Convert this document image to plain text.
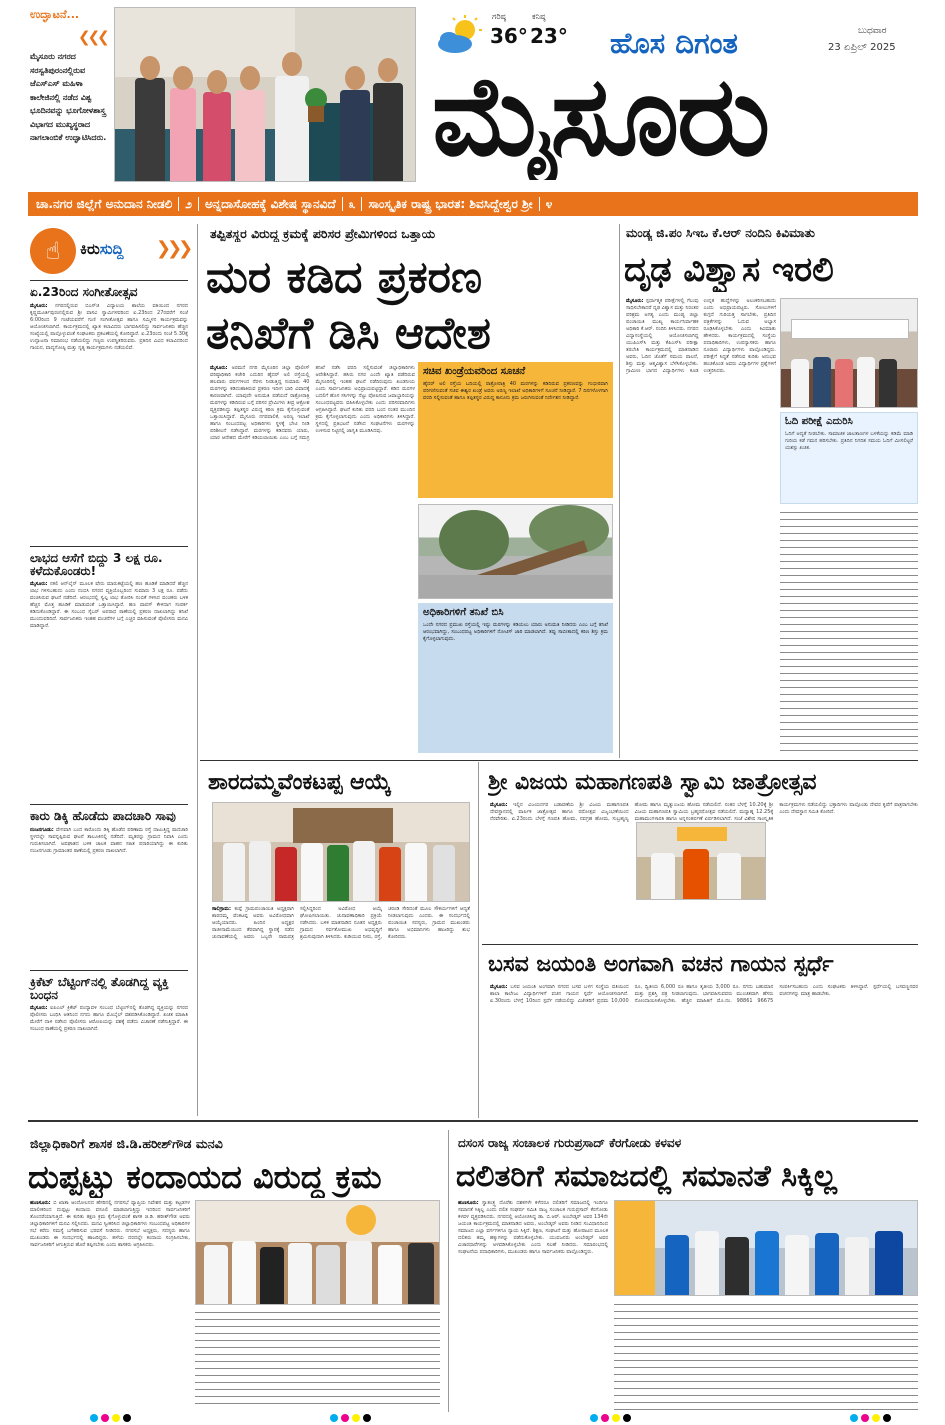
ಉದ್ಘಾಟನೆ...
❮❮❮
ಮೈಸೂರು ನಗರದ ಸರಸ್ವತಿಪುರಂನಲ್ಲಿರುವ ಜೆಎಸ್‌ಎಸ್ ಮಹಿಳಾ ಕಾಲೇಜಿನಲ್ಲಿ ನಡೆದ ವಿಶ್ವ ಭೂದಿನವನ್ನು ಭೂಗೋಳಶಾಸ್ತ್ರ ವಿಭಾಗದ ಮುಖ್ಯಸ್ಥರಾದ ನಾಗಲಾಂಬಿಕೆ ಉದ್ಘಾಟಿಸಿದರು.
ಗರಿಷ್ಠ
36°
ಕನಿಷ್ಠ
23° ಹೊಸ ದಿಗಂತ	ಬುಧವಾರ
23 ಏಪ್ರಿಲ್ 2025
ಮೈಸೂರು
ಚಾ.ನಗರ ಜಿಲ್ಲೆಗೆ ಅನುದಾನ ನೀಡಲಿ ೨ ಅನ್ನದಾಸೋಹಕ್ಕೆ ವಿಶೇಷ ಸ್ಥಾನವಿದೆ ೩ ಸಾಂಸ್ಕೃತಿಕ ರಾಷ್ಟ್ರ ಭಾರತ: ಶಿವಸಿದ್ದೇಶ್ವರ ಶ್ರೀ ೪
☝	ಕಿರುಸುದ್ದಿ ❯❯❯
ಏ.23ರಿಂದ ಸಂಗೀತೋತ್ಸವ
ಮೈಸೂರು: ನಗರದಲ್ಲಿರುವ ಬಿಎಸ್‌ಜಿ ವಿದ್ಯಾಲಯ ಶಾಲೆಯ ವತಿಯಿಂದ ನಗರದ ಕೃಷ್ಣಮೂರ್ತಿಪುರಂನಲ್ಲಿರುವ ಶ್ರೀ ವಾಸವಿ ಸ್ವಾಮಿಗಳವರಿಂದ ಏ.23ರಿಂದ 27ರವರೆಗೆ ಸಂಜೆ 6:00ರಿಂದ 9 ಗಂಟೆಯವರೆಗೆ ಗುಣಿ ಸಂಗೀತೋತ್ಸವ ಹಾಗೂ ಸಮ್ಮಿಳನ ಕಾರ್ಯಕ್ರಮವನ್ನು ಆಯೋಜಿಸಲಾಗಿದೆ. ಕಾರ್ಯಕ್ರಮದಲ್ಲಿ ಖ್ಯಾತ ಕಲಾವಿದರು ಭಾಗವಹಿಸಲಿದ್ದು ಸಾರ್ವಜನಿಕರು ಹೆಚ್ಚಿನ ಸಂಖ್ಯೆಯಲ್ಲಿ ಪಾಲ್ಗೊಳ್ಳುವಂತೆ ಸಂಘಟಕರು ಪ್ರಕಟಣೆಯಲ್ಲಿ ಕೋರಿದ್ದಾರೆ. ಏ.23ರಂದು ಸಂಜೆ 5.30ಕ್ಕೆ ಉದ್ಘಾಟನಾ ಸಮಾರಂಭ ನಡೆಯಲಿದ್ದು ಗಣ್ಯರು ಉಪಸ್ಥಿತರಿರುವರು. ಪ್ರತಿದಿನ ವಿವಿಧ ಕಲಾವಿದರಿಂದ ಗಾಯನ, ವಾದ್ಯಗೋಷ್ಠಿ ಮತ್ತು ನೃತ್ಯ ಕಾರ್ಯಕ್ರಮಗಳು ನಡೆಯಲಿವೆ.
ಲಾಭದ ಆಸೆಗೆ ಬಿದ್ದು 3 ಲಕ್ಷ ರೂ. ಕಳೆದುಕೊಂಡರು!
ಮೈಸೂರು: ನಕಲಿ ಆನ್‌ಲೈನ್ ಮೂಲಕ ಷೇರು ಮಾರುಕಟ್ಟೆಯಲ್ಲಿ ಹಣ ಹೂಡಿಕೆ ಮಾಡಿದರೆ ಹೆಚ್ಚಿನ ಲಾಭ ಗಳಿಸಬಹುದು ಎಂದು ನಂಬಿಸಿ ನಗರದ ವ್ಯಕ್ತಿಯೊಬ್ಬರಿಂದ ಸುಮಾರು 3 ಲಕ್ಷ ರೂ. ಪಡೆದು ವಂಚಿಸಿರುವ ಘಟನೆ ನಡೆದಿದೆ. ಆರಂಭದಲ್ಲಿ ಸ್ವಲ್ಪ ಲಾಭ ತೋರಿಸಿ ನಂಬಿಕೆ ಗಳಿಸಿದ ವಂಚಕರು ಬಳಿಕ ಹೆಚ್ಚಿನ ಮೊತ್ತ ಹೂಡಿಕೆ ಮಾಡುವಂತೆ ಒತ್ತಾಯಿಸಿದ್ದಾರೆ. ಹಣ ವಾಪಸ್ ಕೇಳಿದಾಗ ಸಂಪರ್ಕ ಕಡಿದುಕೊಂಡಿದ್ದಾರೆ. ಈ ಸಂಬಂಧ ಸೈಬರ್ ಅಪರಾಧ ಠಾಣೆಯಲ್ಲಿ ಪ್ರಕರಣ ದಾಖಲಾಗಿದ್ದು ತನಿಖೆ ಮುಂದುವರಿದಿದೆ. ಸಾರ್ವಜನಿಕರು ಇಂತಹ ವಂಚನೆಗಳ ಬಗ್ಗೆ ಎಚ್ಚರ ವಹಿಸುವಂತೆ ಪೊಲೀಸರು ಮನವಿ ಮಾಡಿದ್ದಾರೆ.
ಕಾರು ಡಿಕ್ಕಿ ಹೊಡೆದು ಪಾದಚಾರಿ ಸಾವು
ನಂಜನಗೂಡು: ವೇಗವಾಗಿ ಬಂದ ಕಾರೊಂದು ಡಿಕ್ಕಿ ಹೊಡೆದ ಪರಿಣಾಮ ರಸ್ತೆ ದಾಟುತ್ತಿದ್ದ ಪಾದಚಾರಿ ಸ್ಥಳದಲ್ಲೇ ಸಾವನ್ನಪ್ಪಿರುವ ಘಟನೆ ತಾಲೂಕಿನಲ್ಲಿ ನಡೆದಿದೆ. ಮೃತರನ್ನು ಗ್ರಾಮದ ನಿವಾಸಿ ಎಂದು ಗುರುತಿಸಲಾಗಿದೆ. ಅಪಘಾತದ ಬಳಿಕ ಚಾಲಕ ವಾಹನ ಸಹಿತ ಪರಾರಿಯಾಗಿದ್ದು ಈ ಕುರಿತು ನಂಜನಗೂಡು ಗ್ರಾಮಾಂತರ ಠಾಣೆಯಲ್ಲಿ ಪ್ರಕರಣ ದಾಖಲಾಗಿದೆ.
ಕ್ರಿಕೆಟ್ ಬೆಟ್ಟಿಂಗ್‌ನಲ್ಲಿ ತೊಡಗಿದ್ದ ವ್ಯಕ್ತಿ ಬಂಧನ
ಮೈಸೂರು: ಐಪಿಎಲ್ ಕ್ರಿಕೆಟ್ ಪಂದ್ಯಾವಳಿ ಸಂಬಂಧ ಬೆಟ್ಟಿಂಗ್‌ನಲ್ಲಿ ತೊಡಗಿದ್ದ ವ್ಯಕ್ತಿಯನ್ನು ನಗರದ ಪೊಲೀಸರು ಬಂಧಿಸಿ ಆತನಿಂದ ನಗದು ಹಾಗೂ ಮೊಬೈಲ್ ವಶಪಡಿಸಿಕೊಂಡಿದ್ದಾರೆ. ಖಚಿತ ಮಾಹಿತಿ ಮೇರೆಗೆ ದಾಳಿ ನಡೆಸಿದ ಪೊಲೀಸರು ಆರೋಪಿಯನ್ನು ವಶಕ್ಕೆ ಪಡೆದು ವಿಚಾರಣೆ ನಡೆಸುತ್ತಿದ್ದಾರೆ. ಈ ಸಂಬಂಧ ಠಾಣೆಯಲ್ಲಿ ಪ್ರಕರಣ ದಾಖಲಾಗಿದೆ.
ತಪ್ಪಿತಸ್ಥರ ವಿರುದ್ಧ ಕ್ರಮಕ್ಕೆ ಪರಿಸರ ಪ್ರೇಮಿಗಳಿಂದ ಒತ್ತಾಯ
ಮರ ಕಡಿದ ಪ್ರಕರಣ
ತನಿಖೆಗೆ ಡಿಸಿ ಆದೇಶ
ಮೈಸೂರು: ಅರಮನೆ ನಗರಿ ಮೈಸೂರಿನ ಜಿಲ್ಲಾ ಪೊಲೀಸ್ ವರಿಷ್ಠಾಧಿಕಾರಿ ಕಚೇರಿ ಎದುರಿನ ಹೈದರ್ ಅಲಿ ರಸ್ತೆಯಲ್ಲಿ ಹಲವಾರು ವರ್ಷಗಳಿಂದ ನೆರಳು ನೀಡುತ್ತಿದ್ದ ಸುಮಾರು 40 ಮರಗಳನ್ನು ಕಡಿದುಹಾಕಿರುವ ಪ್ರಕರಣ ಇದೀಗ ಭಾರಿ ವಿವಾದಕ್ಕೆ ಕಾರಣವಾಗಿದೆ. ಯಾವುದೇ ಅನುಮತಿ ಪಡೆಯದೆ ರಾತ್ರೋರಾತ್ರಿ ಮರಗಳನ್ನು ಕಡಿದಿರುವ ಬಗ್ಗೆ ಪರಿಸರ ಪ್ರೇಮಿಗಳು ತೀವ್ರ ಆಕ್ರೋಶ ವ್ಯಕ್ತಪಡಿಸಿದ್ದು ತಪ್ಪಿತಸ್ಥರ ವಿರುದ್ಧ ಕಠಿಣ ಕ್ರಮ ಕೈಗೊಳ್ಳುವಂತೆ ಒತ್ತಾಯಿಸಿದ್ದಾರೆ. ಮೈಸೂರು ನಗರಪಾಲಿಕೆ, ಅರಣ್ಯ ಇಲಾಖೆ ಹಾಗೂ ಸಂಬಂಧಪಟ್ಟ ಅಧಿಕಾರಿಗಳು ಸ್ಥಳಕ್ಕೆ ಭೇಟಿ ನೀಡಿ ಪರಿಶೀಲನೆ ನಡೆಸಿದ್ದಾರೆ. ಮರಗಳನ್ನು ಕಡಿದವರು ಯಾರು, ಯಾರ ಆದೇಶದ ಮೇರೆಗೆ ಕಡಿಯಲಾಯಿತು ಎಂಬ ಬಗ್ಗೆ ಸಮಗ್ರ ತನಿಖೆ ನಡೆಸಿ ವರದಿ ಸಲ್ಲಿಸುವಂತೆ ಜಿಲ್ಲಾಧಿಕಾರಿಗಳು ಆದೇಶಿಸಿದ್ದಾರೆ. ಹಸಿರು ನಗರ ಎಂದೇ ಖ್ಯಾತಿ ಪಡೆದಿರುವ ಮೈಸೂರಿನಲ್ಲಿ ಇಂತಹ ಘಟನೆ ನಡೆದಿರುವುದು ಖಂಡನೀಯ ಎಂದು ಸಾರ್ವಜನಿಕರು ಅಭಿಪ್ರಾಯಪಟ್ಟಿದ್ದಾರೆ. ಕಡಿದ ಮರಗಳ ಬದಲಿಗೆ ಹೊಸ ಸಸಿಗಳನ್ನು ನೆಟ್ಟು ಪೋಷಿಸುವ ಜವಾಬ್ದಾರಿಯನ್ನು ಸಂಬಂಧಪಟ್ಟವರು ವಹಿಸಿಕೊಳ್ಳಬೇಕು ಎಂದು ಪರಿಸರವಾದಿಗಳು ಆಗ್ರಹಿಸಿದ್ದಾರೆ. ಘಟನೆ ಕುರಿತು ವರದಿ ಬಂದ ನಂತರ ಮುಂದಿನ ಕ್ರಮ ಕೈಗೊಳ್ಳಲಾಗುವುದು ಎಂದು ಅಧಿಕಾರಿಗಳು ತಿಳಿಸಿದ್ದಾರೆ. ಸ್ಥಳದಲ್ಲಿ ಪ್ರತಿಭಟನೆ ನಡೆಸಿದ ಸಂಘಟನೆಗಳು ಮರಗಳನ್ನು ಉಳಿಸುವ ನಿಟ್ಟಿನಲ್ಲಿ ಜಾಗೃತಿ ಮೂಡಿಸಿದವು.
ಸಚಿವ ಖಂಡ್ರೆಯವರಿಂದ ಸೂಚನೆ
ಹೈದರ್ ಅಲಿ ರಸ್ತೆಯ ಬದಿಯಲ್ಲಿ ರಾತ್ರೋರಾತ್ರಿ 40 ಮರಗಳನ್ನು ಕಡಿದಿರುವ ಪ್ರಕರಣವನ್ನು ಗಂಭೀರವಾಗಿ ಪರಿಗಣಿಸುವಂತೆ ಸಚಿವ ಈಶ್ವರ ಖಂಡ್ರೆ ಅವರು ಅರಣ್ಯ ಇಲಾಖೆ ಅಧಿಕಾರಿಗಳಿಗೆ ಸೂಚನೆ ನೀಡಿದ್ದಾರೆ. 7 ದಿನಗಳೊಳಗಾಗಿ ವರದಿ ಸಲ್ಲಿಸುವಂತೆ ಹಾಗೂ ತಪ್ಪಿತಸ್ಥರ ವಿರುದ್ಧ ಕಾನೂನು ಕ್ರಮ ಜರುಗಿಸುವಂತೆ ನಿರ್ದೇಶನ ನೀಡಿದ್ದಾರೆ.
ಅಧಿಕಾರಿಗಳಿಗೆ ತನಿಖೆ ಬಿಸಿ
ಒಂದೇ ನಗರದ ಪ್ರಮುಖ ರಸ್ತೆಯಲ್ಲಿ ಇಷ್ಟು ಮರಗಳನ್ನು ಕಡಿಯಲು ಯಾರು ಅನುಮತಿ ನೀಡಿದರು ಎಂಬ ಬಗ್ಗೆ ತನಿಖೆ ಆರಂಭವಾಗಿದ್ದು, ಸಂಬಂಧಪಟ್ಟ ಅಧಿಕಾರಿಗಳಿಗೆ ನೋಟಿಸ್ ಜಾರಿ ಮಾಡಲಾಗಿದೆ. ತಪ್ಪು ಸಾಬೀತಾದಲ್ಲಿ ಕಠಿಣ ಶಿಸ್ತು ಕ್ರಮ ಕೈಗೊಳ್ಳಲಾಗುವುದು.
ಮಂಡ್ಯ ಜಿ.ಪಂ ಸಿಇಒ ಕೆ.ಆರ್ ನಂದಿನಿ ಕಿವಿಮಾತು
ದೃಢ ವಿಶ್ವಾಸ ಇರಲಿ
ಮೈಸೂರು: ಸ್ಪರ್ಧಾತ್ಮಕ ಪರೀಕ್ಷೆಗಳಲ್ಲಿ ಗೆಲುವು ಸಾಧಿಸಬೇಕಾದರೆ ದೃಢ ವಿಶ್ವಾಸ ಮತ್ತು ನಿರಂತರ ಪರಿಶ್ರಮ ಅಗತ್ಯ ಎಂದು ಮಂಡ್ಯ ಜಿಲ್ಲಾ ಪಂಚಾಯಿತಿ ಮುಖ್ಯ ಕಾರ್ಯನಿರ್ವಾಹಕ ಅಧಿಕಾರಿ ಕೆ.ಆರ್. ನಂದಿನಿ ತಿಳಿಸಿದರು. ನಗರದ ವಿದ್ಯಾಸಂಸ್ಥೆಯಲ್ಲಿ ಆಯೋಜಿಸಲಾಗಿದ್ದ ಯುಪಿಎಸ್‌ಸಿ ಮತ್ತು ಕೆಪಿಎಸ್‌ಸಿ ಪರೀಕ್ಷಾ ತರಬೇತಿ ಕಾರ್ಯಕ್ರಮದಲ್ಲಿ ಮಾತನಾಡಿದ ಅವರು, ಓದಿನ ಜೊತೆಗೆ ಸಮಯ ಪಾಲನೆ, ಶಿಸ್ತು ಮತ್ತು ಆತ್ಮವಿಶ್ವಾಸ ಬೆಳೆಸಿಕೊಳ್ಳಬೇಕು. ಗ್ರಾಮೀಣ ಭಾಗದ ವಿದ್ಯಾರ್ಥಿಗಳು ಕೂಡ ಉನ್ನತ ಹುದ್ದೆಗಳನ್ನು ಅಲಂಕರಿಸಬಹುದು ಎಂದು ಅಭಿಪ್ರಾಯಪಟ್ಟರು. ಸೋಲುಗಳಿಗೆ ಕುಗ್ಗದೆ ಗುರಿಯತ್ತ ಸಾಗಬೇಕು, ಪ್ರತಿದಿನ ಪತ್ರಿಕೆಗಳನ್ನು ಓದುವ ಅಭ್ಯಾಸ ರೂಢಿಸಿಕೊಳ್ಳಬೇಕು ಎಂದು ಕಿವಿಮಾತು ಹೇಳಿದರು. ಕಾರ್ಯಕ್ರಮದಲ್ಲಿ ಸಂಸ್ಥೆಯ ಪದಾಧಿಕಾರಿಗಳು, ಉಪನ್ಯಾಸಕರು ಹಾಗೂ ನೂರಾರು ವಿದ್ಯಾರ್ಥಿಗಳು ಪಾಲ್ಗೊಂಡಿದ್ದರು. ಪರೀಕ್ಷೆಗೆ ಸಿದ್ಧತೆ ನಡೆಸುವ ಕುರಿತು ಅನುಭವ ಹಂಚಿಕೊಂಡ ಅವರು ವಿದ್ಯಾರ್ಥಿಗಳ ಪ್ರಶ್ನೆಗಳಿಗೆ ಉತ್ತರಿಸಿದರು.
ಓದಿ ಪರೀಕ್ಷೆ ಎದುರಿಸಿ
ಓದಿಗೆ ಆದ್ಯತೆ ನೀಡಬೇಕು. ಸಾಮಾಜಿಕ ಜಾಲತಾಣಗಳ ಬಳಕೆಯನ್ನು ಕಡಿಮೆ ಮಾಡಿ ಗುರಿಯ ಕಡೆ ಗಮನ ಹರಿಸಬೇಕು. ಪ್ರತಿದಿನ ನಿಗದಿತ ಸಮಯ ಓದಿಗೆ ಮೀಸಲಿಟ್ಟರೆ ಯಶಸ್ಸು ಖಚಿತ.
ಶಾರದಮ್ಮವೆಂಕಟಪ್ಪ ಆಯ್ಕೆ
ಸಾಲಿಗ್ರಾಮ: ಕುಪ್ಪೆ ಗ್ರಾಮಪಂಚಾಯಿತಿ ಅಧ್ಯಕ್ಷರಾಗಿ ಶಾರದಮ್ಮ ವೆಂಕಟಪ್ಪ ಅವರು ಅವಿರೋಧವಾಗಿ ಆಯ್ಕೆಯಾದರು. ಹಿಂದಿನ ಅಧ್ಯಕ್ಷರ ರಾಜೀನಾಮೆಯಿಂದ ತೆರವಾಗಿದ್ದ ಸ್ಥಾನಕ್ಕೆ ನಡೆದ ಚುನಾವಣೆಯಲ್ಲಿ ಅವರು ಒಬ್ಬರೇ ನಾಮಪತ್ರ ಸಲ್ಲಿಸಿದ್ದರಿಂದ ಅವಿರೋಧ ಆಯ್ಕೆ ಘೋಷಿಸಲಾಯಿತು. ಚುನಾವಣಾಧಿಕಾರಿ ಪ್ರಕ್ರಿಯೆ ನಡೆಸಿದರು. ಬಳಿಕ ಮಾತನಾಡಿದ ನೂತನ ಅಧ್ಯಕ್ಷರು ಗ್ರಾಮದ ಸರ್ವತೋಮುಖ ಅಭಿವೃದ್ಧಿಗೆ ಶ್ರಮಿಸುವುದಾಗಿ ತಿಳಿಸಿದರು. ಕುಡಿಯುವ ನೀರು, ರಸ್ತೆ, ಚರಂಡಿ ಸೇರಿದಂತೆ ಮೂಲ ಸೌಕರ್ಯಗಳಿಗೆ ಆದ್ಯತೆ ನೀಡಲಾಗುವುದು ಎಂದರು. ಈ ಸಂದರ್ಭದಲ್ಲಿ ಪಂಚಾಯಿತಿ ಸದಸ್ಯರು, ಗ್ರಾಮದ ಮುಖಂಡರು ಹಾಗೂ ಅಭಿಮಾನಿಗಳು ಹಾಜರಿದ್ದು ಶುಭ ಕೋರಿದರು.
ಶ್ರೀ ವಿಜಯ ಮಹಾಗಣಪತಿ ಸ್ವಾಮಿ ಜಾತ್ರೋತ್ಸವ
ಮೈಸೂರು: ಇಲ್ಲಿನ ವಿಜಯನಗರ ಬಡಾವಣೆಯ ಶ್ರೀ ವಿಜಯ ಮಹಾಗಣಪತಿ ದೇವಸ್ಥಾನದಲ್ಲಿ ವಾರ್ಷಿಕ ಜಾತ್ರೋತ್ಸವ ಹಾಗೂ ರಥೋತ್ಸವ ವಿಜೃಂಭಣೆಯಿಂದ ನೆರವೇರಿತು. ಏ.23ರಂದು ಬೆಳಗ್ಗೆ ಗಣಪತಿ ಹೋಮ, ನವಗ್ರಹ ಹೋಮ, ಸುಬ್ರಹ್ಮಣ್ಯ ಹೋಮ ಹಾಗೂ ಮೃತ್ಯುಂಜಯ ಹೋಮ ನಡೆಯಲಿದೆ. ನಂತರ ಬೆಳಗ್ಗೆ 10.20ಕ್ಕೆ ಶ್ರೀ ವಿಜಯ ಮಹಾಗಣಪತಿ ಸ್ವಾಮಿಯ ಬ್ರಹ್ಮರಥೋತ್ಸವ ನಡೆಯಲಿದೆ. ಮಧ್ಯಾಹ್ನ 12.25ಕ್ಕೆ ಮಹಾಮಂಗಳಾರತಿ ಹಾಗೂ ಅನ್ನಸಂತರ್ಪಣೆ ಏರ್ಪಡಿಸಲಾಗಿದೆ. ಸಂಜೆ ವಿಶೇಷ ಸಾಂಸ್ಕೃತಿಕ ಕಾರ್ಯಕ್ರಮಗಳು ನಡೆಯಲಿದ್ದು ಭಕ್ತಾದಿಗಳು ಪಾಲ್ಗೊಂಡು ದೇವರ ಕೃಪೆಗೆ ಪಾತ್ರರಾಗಬೇಕು ಎಂದು ದೇವಸ್ಥಾನ ಸಮಿತಿ ಕೋರಿದೆ.
ಬಸವ ಜಯಂತಿ ಅಂಗವಾಗಿ ವಚನ ಗಾಯನ ಸ್ಪರ್ಧೆ
ಮೈಸೂರು: ಬಸವ ಜಯಂತಿ ಅಂಗವಾಗಿ ನಗರದ ಬಸವ ಬಳಗ ಸಂಸ್ಥೆಯ ವತಿಯಿಂದ ಶಾಲಾ ಕಾಲೇಜು ವಿದ್ಯಾರ್ಥಿಗಳಿಗೆ ವಚನ ಗಾಯನ ಸ್ಪರ್ಧೆ ಆಯೋಜಿಸಲಾಗಿದೆ. ಏ.30ರಂದು ಬೆಳಗ್ಗೆ 10ರಿಂದ ಸ್ಪರ್ಧೆ ನಡೆಯಲಿದ್ದು ವಿಜೇತರಿಗೆ ಪ್ರಥಮ 10,000 ರೂ, ದ್ವಿತೀಯ 6,000 ರೂ ಹಾಗೂ ತೃತೀಯ 3,000 ರೂ. ನಗದು ಬಹುಮಾನ ಮತ್ತು ಪ್ರಶಸ್ತಿ ಪತ್ರ ನೀಡಲಾಗುವುದು. ಭಾಗವಹಿಸುವವರು ಮುಂಚಿತವಾಗಿ ಹೆಸರು ನೋಂದಾಯಿಸಿಕೊಳ್ಳಬೇಕು. ಹೆಚ್ಚಿನ ಮಾಹಿತಿಗೆ ಮೊ.ನಂ. 98861 96675 ಸಂಪರ್ಕಿಸಬಹುದು ಎಂದು ಸಂಘಟಕರು ತಿಳಿಸಿದ್ದಾರೆ. ಸ್ಪರ್ಧೆಯಲ್ಲಿ ಬಸವಣ್ಣನವರ ವಚನಗಳನ್ನು ಮಾತ್ರ ಹಾಡಬೇಕು.
ಜಿಲ್ಲಾಧಿಕಾರಿಗೆ ಶಾಸಕ ಜಿ.ಡಿ.ಹರೀಶ್‌ಗೌಡ ಮನವಿ
ದುಪ್ಪಟ್ಟು ಕಂದಾಯದ ವಿರುದ್ದ ಕ್ರಮ
ಹುಣಸೂರು: ಬಿ ಖಾತಾ ಆಂದೋಲನದ ಹೆಸರಿನಲ್ಲಿ ನಗರಸಭೆ ವ್ಯಾಪ್ತಿಯ ನಿವೇಶನ ಮತ್ತು ಕಟ್ಟಡಗಳ ಮಾಲೀಕರಿಂದ ದುಪ್ಪಟ್ಟು ಕಂದಾಯ ವಸೂಲಿ ಮಾಡಲಾಗುತ್ತಿದ್ದು ಇದರಿಂದ ಸಾರ್ವಜನಿಕರಿಗೆ ತೊಂದರೆಯಾಗುತ್ತಿದೆ. ಈ ಕುರಿತು ತಕ್ಷಣ ಕ್ರಮ ಕೈಗೊಳ್ಳುವಂತೆ ಶಾಸಕ ಜಿ.ಡಿ. ಹರೀಶ್‌ಗೌಡ ಅವರು ಜಿಲ್ಲಾಧಿಕಾರಿಗಳಿಗೆ ಮನವಿ ಸಲ್ಲಿಸಿದರು. ಮನವಿ ಸ್ವೀಕರಿಸಿದ ಜಿಲ್ಲಾಧಿಕಾರಿಗಳು ಸಂಬಂಧಪಟ್ಟ ಅಧಿಕಾರಿಗಳ ಸಭೆ ಕರೆದು ಸಮಸ್ಯೆ ಬಗೆಹರಿಸುವ ಭರವಸೆ ನೀಡಿದರು. ನಗರಸಭೆ ಅಧ್ಯಕ್ಷರು, ಸದಸ್ಯರು ಹಾಗೂ ಮುಖಂಡರು ಈ ಸಂದರ್ಭದಲ್ಲಿ ಹಾಜರಿದ್ದರು. ಹಳೆಯ ದರದಲ್ಲೇ ಕಂದಾಯ ಸಂಗ್ರಹಿಸಬೇಕು, ಸಾರ್ವಜನಿಕರಿಗೆ ಆಗುತ್ತಿರುವ ಹೊರೆ ತಪ್ಪಿಸಬೇಕು ಎಂದು ಶಾಸಕರು ಆಗ್ರಹಿಸಿದರು.
ದಸಂಸ ರಾಜ್ಯ ಸಂಚಾಲಕ ಗುರುಪ್ರಸಾದ್ ಕೆರಗೋಡು ಕಳವಳ
ದಲಿತರಿಗೆ ಸಮಾಜದಲ್ಲಿ ಸಮಾನತೆ ಸಿಕ್ಕಿಲ್ಲ
ಹುಣಸೂರು: ಸ್ವಾತಂತ್ರ್ಯ ದೊರೆತು ದಶಕಗಳೇ ಕಳೆದರೂ ದಲಿತರಿಗೆ ಸಮಾಜದಲ್ಲಿ ಇಂದಿಗೂ ಸಮಾನತೆ ಸಿಕ್ಕಿಲ್ಲ ಎಂದು ದಲಿತ ಸಂಘರ್ಷ ಸಮಿತಿ ರಾಜ್ಯ ಸಂಚಾಲಕ ಗುರುಪ್ರಸಾದ್ ಕೆರಗೋಡು ಕಳವಳ ವ್ಯಕ್ತಪಡಿಸಿದರು. ನಗರದಲ್ಲಿ ಆಯೋಜಿಸಿದ್ದ ಡಾ. ಬಿ.ಆರ್. ಅಂಬೇಡ್ಕರ್ ಅವರ 134ನೇ ಜಯಂತಿ ಕಾರ್ಯಕ್ರಮದಲ್ಲಿ ಮಾತನಾಡಿದ ಅವರು, ಅಂಬೇಡ್ಕರ್ ಅವರು ನೀಡಿದ ಸಂವಿಧಾನದಿಂದ ಸಮಾಜದ ಎಲ್ಲಾ ವರ್ಗಗಳಿಗೂ ನ್ಯಾಯ ಸಿಕ್ಕಿದೆ. ಶಿಕ್ಷಣ, ಸಂಘಟನೆ ಮತ್ತು ಹೋರಾಟದ ಮೂಲಕ ದಲಿತರು ತಮ್ಮ ಹಕ್ಕುಗಳನ್ನು ಪಡೆದುಕೊಳ್ಳಬೇಕು. ಯುವಜನರು ಅಂಬೇಡ್ಕರ್ ಅವರ ವಿಚಾರಧಾರೆಗಳನ್ನು ಅಳವಡಿಸಿಕೊಳ್ಳಬೇಕು ಎಂದು ಸಲಹೆ ನೀಡಿದರು. ಸಮಾರಂಭದಲ್ಲಿ ಸಂಘಟನೆಯ ಪದಾಧಿಕಾರಿಗಳು, ಮುಖಂಡರು ಹಾಗೂ ಸಾರ್ವಜನಿಕರು ಪಾಲ್ಗೊಂಡಿದ್ದರು.
